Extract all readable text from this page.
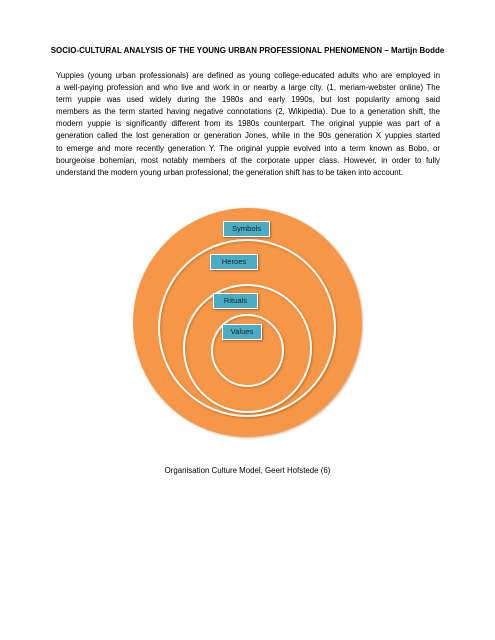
SOCIO-CULTURAL ANALYSIS OF THE YOUNG URBAN PROFESSIONAL PHENOMENON – Martijn Bodde
Yuppies (young urban professionals) are defined as young college-educated adults who are employed in
a well-paying profession and who live and work in or nearby a large city. (1, meriam-webster online) The
term yuppie was used widely during the 1980s and early 1990s, but lost popularity among said
members as the term started having negative connotations (2, Wikipedia). Due to a generation shift, the
modern yuppie is significantly different from its 1980s counterpart. The original yuppie was part of a
generation called the lost generation or generation Jones, while in the 90s generation X yuppies started
to emerge and more recently generation Y. The original yuppie evolved into a term known as Bobo, or
bourgeoise bohemian, most notably members of the corporate upper class. However, in order to fully
understand the modern young urban professional, the generation shift has to be taken into account.
Symbols
Heroes
Rituals
Values
Organisation Culture Model, Geert Hofstede (6)
